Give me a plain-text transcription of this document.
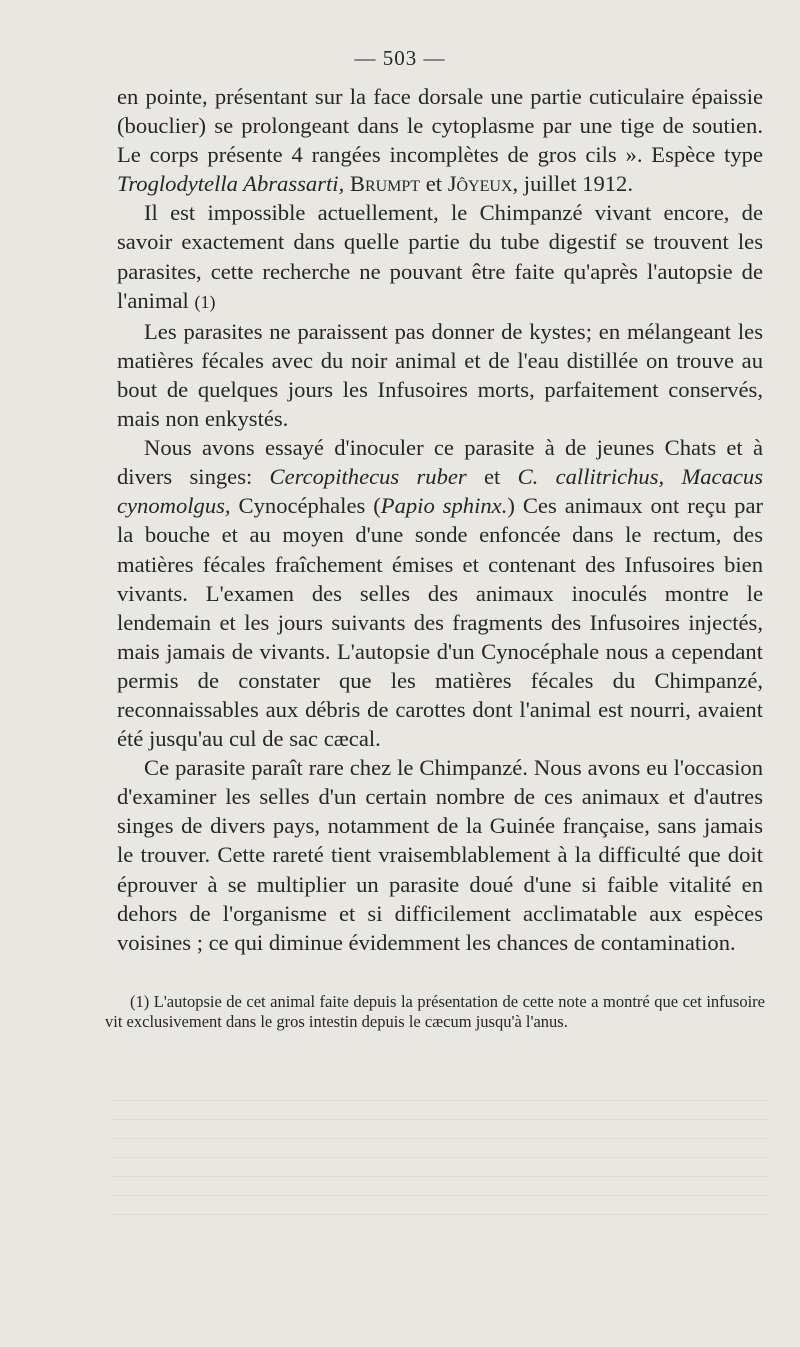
— 503 —

en pointe, présentant sur la face dorsale une partie cuticulaire épaissie (bouclier) se prolongeant dans le cytoplasme par une tige de soutien. Le corps présente 4 rangées incomplètes de gros cils ». Espèce type Troglodytella Abrassarti, Brumpt et Jôyeux, juillet 1912.

Il est impossible actuellement, le Chimpanzé vivant encore, de savoir exactement dans quelle partie du tube digestif se trouvent les parasites, cette recherche ne pouvant être faite qu'après l'autopsie de l'animal (1)

Les parasites ne paraissent pas donner de kystes; en mélangeant les matières fécales avec du noir animal et de l'eau distillée on trouve au bout de quelques jours les Infusoires morts, parfaitement conservés, mais non enkystés.

Nous avons essayé d'inoculer ce parasite à de jeunes Chats et à divers singes: Cercopithecus ruber et C. callitrichus, Macacus cynomolgus, Cynocéphales (Papio sphinx.) Ces animaux ont reçu par la bouche et au moyen d'une sonde enfoncée dans le rectum, des matières fécales fraîchement émises et contenant des Infusoires bien vivants. L'examen des selles des animaux inoculés montre le lendemain et les jours suivants des fragments des Infusoires injectés, mais jamais de vivants. L'autopsie d'un Cynocéphale nous a cependant permis de constater que les matières fécales du Chimpanzé, reconnaissables aux débris de carottes dont l'animal est nourri, avaient été jusqu'au cul de sac cæcal.

Ce parasite paraît rare chez le Chimpanzé. Nous avons eu l'occasion d'examiner les selles d'un certain nombre de ces animaux et d'autres singes de divers pays, notamment de la Guinée française, sans jamais le trouver. Cette rareté tient vraisemblablement à la difficulté que doit éprouver à se multiplier un parasite doué d'une si faible vitalité en dehors de l'organisme et si difficilement acclimatable aux espèces voisines ; ce qui diminue évidemment les chances de contamination.

(1) L'autopsie de cet animal faite depuis la présentation de cette note a montré que cet infusoire vit exclusivement dans le gros intestin depuis le cæcum jusqu'à l'anus.
